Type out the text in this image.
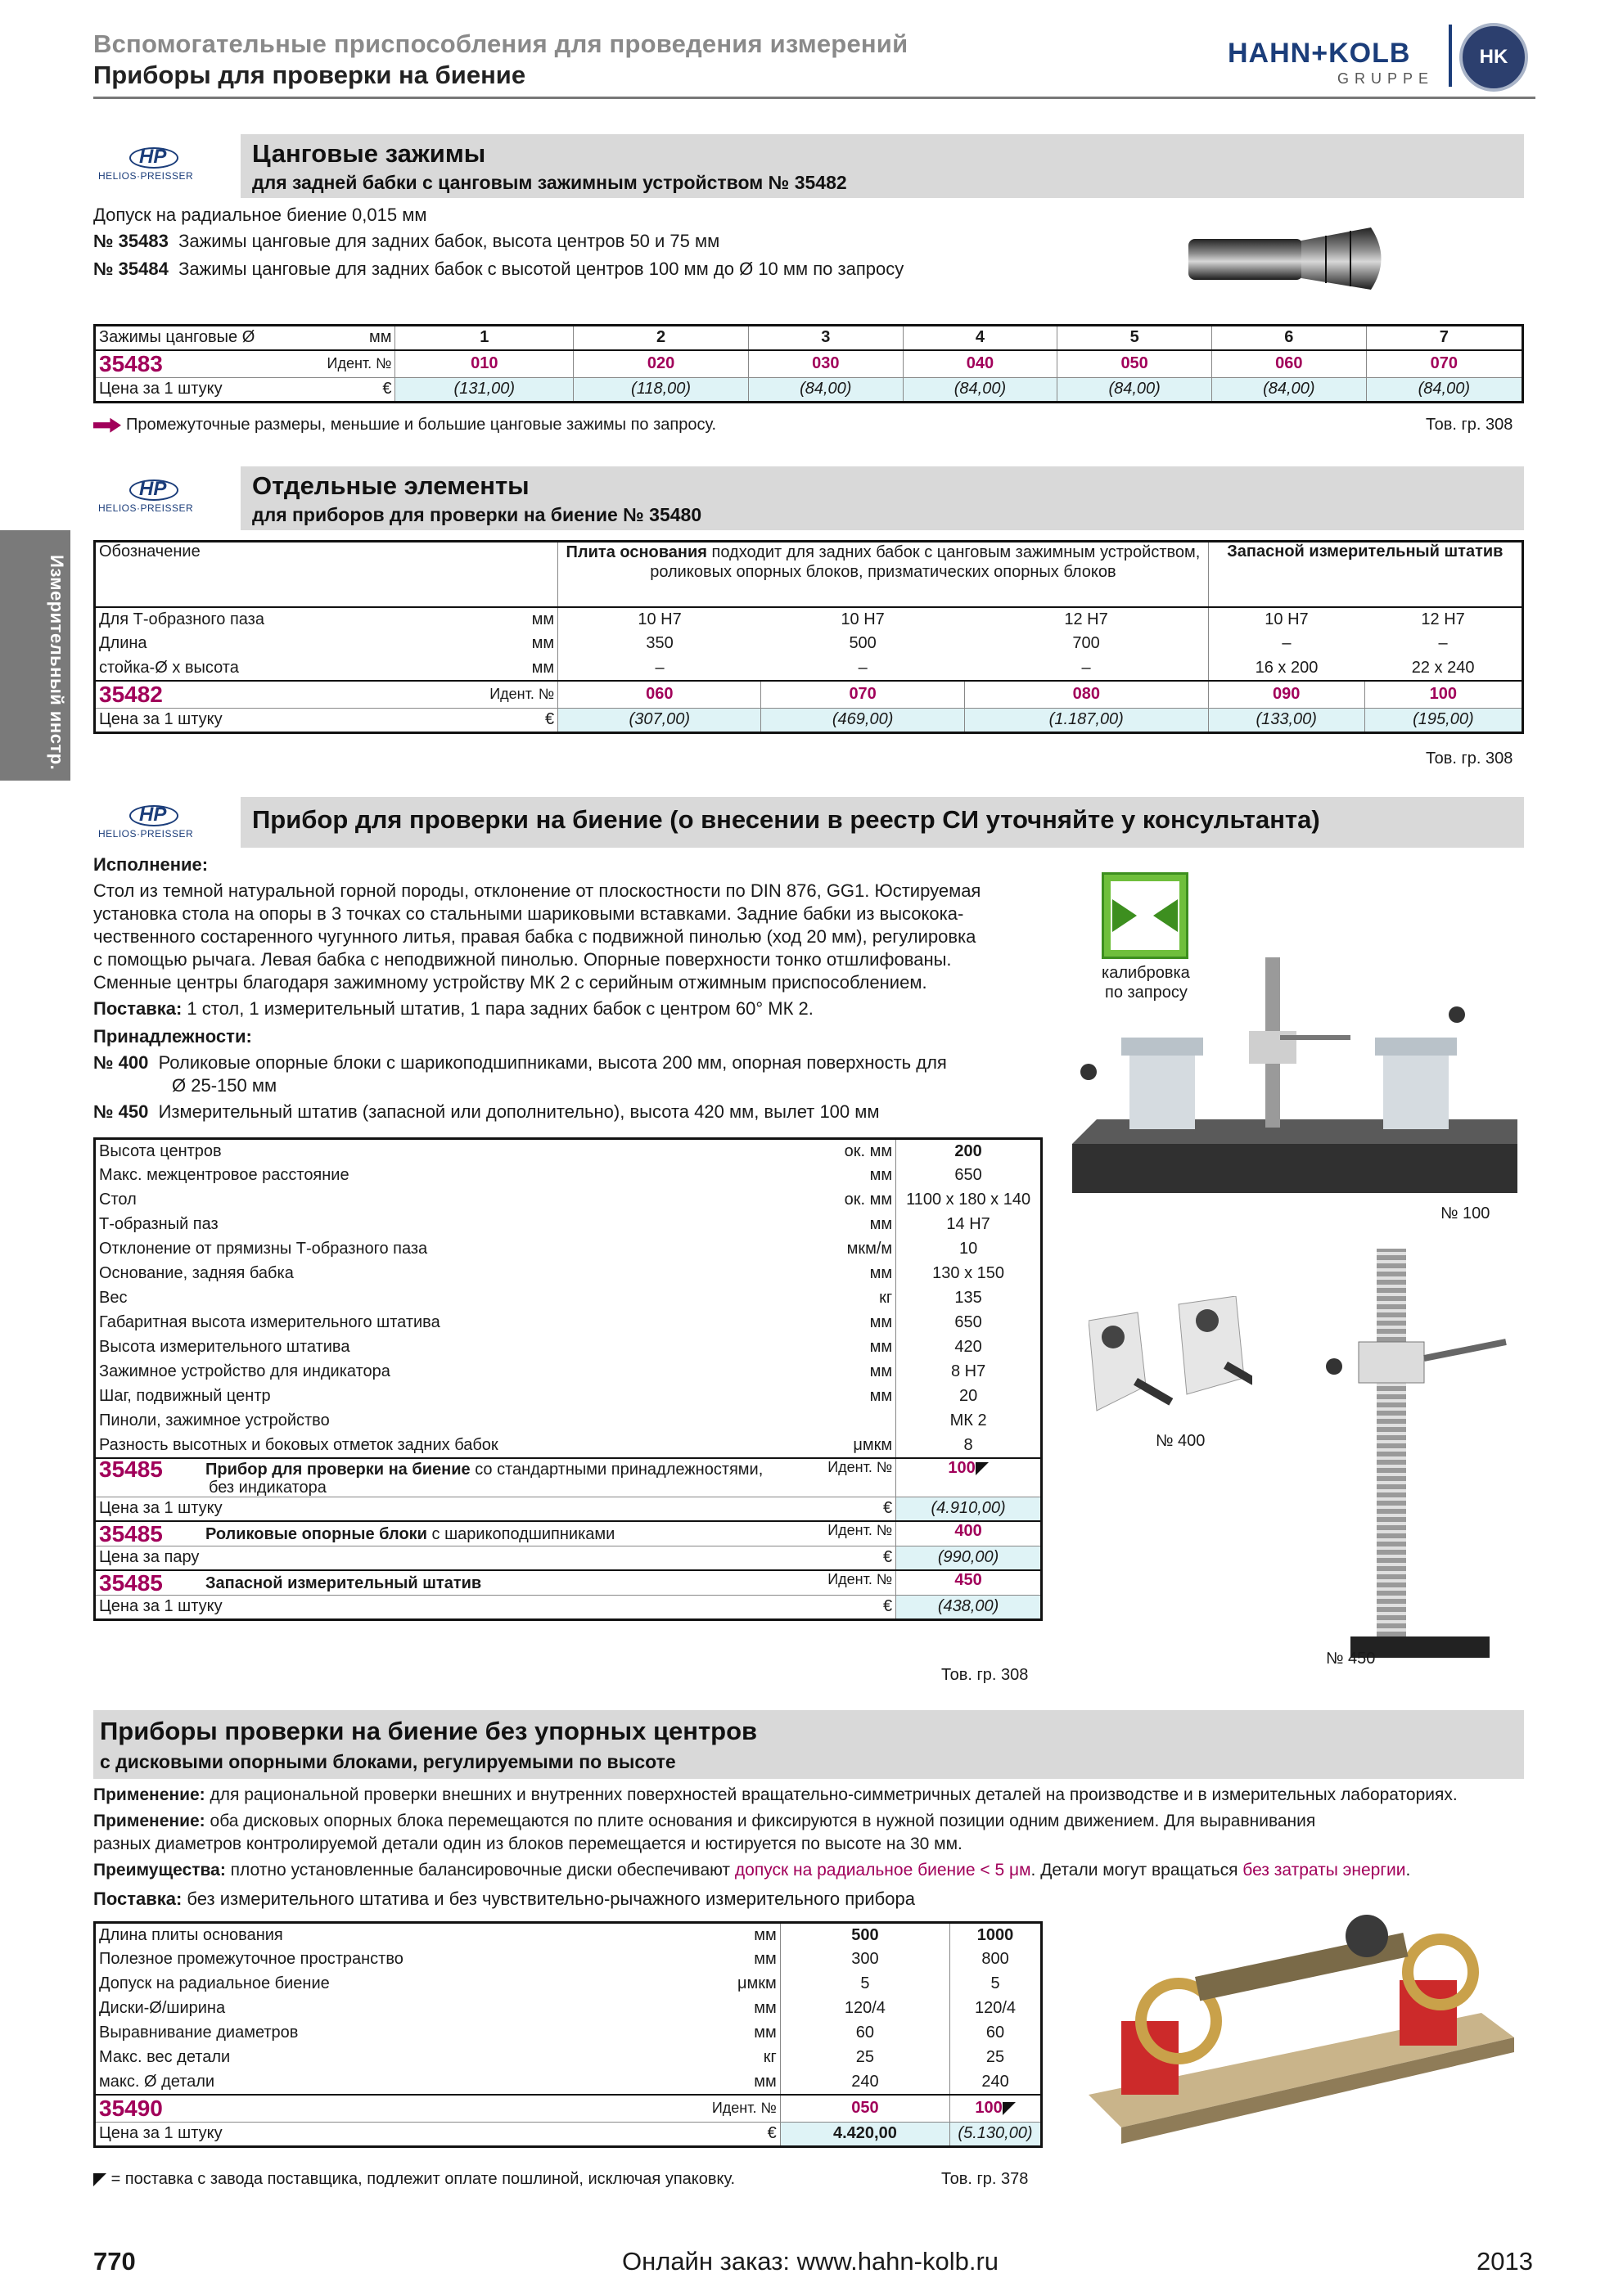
Вспомогательные приспособления для проведения измерений
Приборы для проверки на биение
HAHN+KOLB
GRUPPE
HK
Измерительный инстр.
HP
HELIOS·PREISSER
Цанговые зажимы
для задней бабки с цанговым зажимным устройством № 35482
Допуск на радиальное биение 0,015 мм
№ 35483 Зажимы цанговые для задних бабок, высота центров 50 и 75 мм
№ 35484 Зажимы цанговые для задних бабок с высотой центров 100 мм до Ø 10 мм по запросу
Зажимы цанговые Ø	мм	1	2	3	4	5	6	7
35483	Идент. №	010	020	030	040	050	060	070
Цена за 1 штуку	€	(131,00)	(118,00)	(84,00)	(84,00)	(84,00)	(84,00)	(84,00)
Промежуточные размеры, меньшие и большие цанговые зажимы по запросу.	Тов. гр. 308
HP
HELIOS·PREISSER
Отдельные элементы
для приборов для проверки на биение № 35480
Обозначение		Плита основания подходит для задних бабок с цанговым зажимным устройством,
роликовых опорных блоков, призматических опорных блоков			Запасной измерительный штатив	
Для Т-образного паза	мм	10 H7	10 H7	12 H7	10 H7	12 H7
Длина	мм	350	500	700	–	–
стойка-Ø x высота	мм	–	–	–	16 x 200	22 x 240
35482	Идент. №	060	070	080	090	100
Цена за 1 штуку	€	(307,00)	(469,00)	(1.187,00)	(133,00)	(195,00)
Тов. гр. 308
HP
HELIOS·PREISSER Прибор для проверки на биение (о внесении в реестр СИ уточняйте у консультанта)
Исполнение:
Стол из темной натуральной горной породы, отклонение от плоскостности по DIN 876, GG1. Юстируемая
установка стола на опоры в 3 точках со стальными шариковыми вставками. Задние бабки из высокока-
чественного состаренного чугунного литья, правая бабка с подвижной пинолью (ход 20 мм), регулировка
с помощью рычага. Левая бабка с неподвижной пинолью. Опорные поверхности тонко отшлифованы.
Сменные центры благодаря зажимному устройству МК 2 с серийным отжимным приспособлением.
Поставка: 1 стол, 1 измерительный штатив, 1 пара задних бабок с центром 60° МК 2.
Принадлежности:
№ 400 Роликовые опорные блоки с шарикоподшипниками, высота 200 мм, опорная поверхность для
Ø 25-150 мм
№ 450 Измерительный штатив (запасной или дополнительно), высота 420 мм, вылет 100 мм
калибровка
по запросу
№ 100
№ 400
№ 450
Высота центров	ок. мм	200
Макс. межцентровое расстояние	мм	650
Стол	ок. мм	1100 x 180 x 140
Т-образный паз	мм	14 H7
Отклонение от прямизны Т-образного паза	мкм/м	10
Основание, задняя бабка	мм	130 x 150
Вес	кг	135
Габаритная высота измерительного штатива	мм	650
Высота измерительного штатива	мм	420
Зажимное устройство для индикатора	мм	8 H7
Шаг, подвижный центр	мм	20
Пиноли, зажимное устройство		МК 2
Разность высотных и боковых отметок задних бабок	μмкм	8
35485 Прибор для проверки на биение со стандартными принадлежностями,
без индикатора	Идент. №	100
Цена за 1 штуку	€	(4.910,00)
35485 Роликовые опорные блоки с шарикоподшипниками	Идент. №	400
Цена за пару	€	(990,00)
35485 Запасной измерительный штатив	Идент. №	450
Цена за 1 штуку	€	(438,00)
Тов. гр. 308
Приборы проверки на биение без упорных центров
с дисковыми опорными блоками, регулируемыми по высоте
Применение: для рациональной проверки внешних и внутренних поверхностей вращательно-симметричных деталей на производстве и в измерительных лабораториях.
Применение: оба дисковых опорных блока перемещаются по плите основания и фиксируются в нужной позиции одним движением. Для выравнивания
разных диаметров контролируемой детали один из блоков перемещается и юстируется по высоте на 30 мм.
Преимущества: плотно установленные балансировочные диски обеспечивают допуск на радиальное биение < 5 μм. Детали могут вращаться без затраты энергии.
Поставка: без измерительного штатива и без чувствительно-рычажного измерительного прибора
Длина плиты основания	мм	500	1000
Полезное промежуточное пространство	мм	300	800
Допуск на радиальное биение	μмкм	5	5
Диски-Ø/ширина	мм	120/4	120/4
Выравнивание диаметров	мм	60	60
Макс. вес детали	кг	25	25
макс. Ø детали	мм	240	240
35490	Идент. №	050	100
Цена за 1 штуку	€	4.420,00	(5.130,00)
= поставка с завода поставщика, подлежит оплате пошлиной, исключая упаковку.	Тов. гр. 378
770	Онлайн заказ: www.hahn-kolb.ru	2013
